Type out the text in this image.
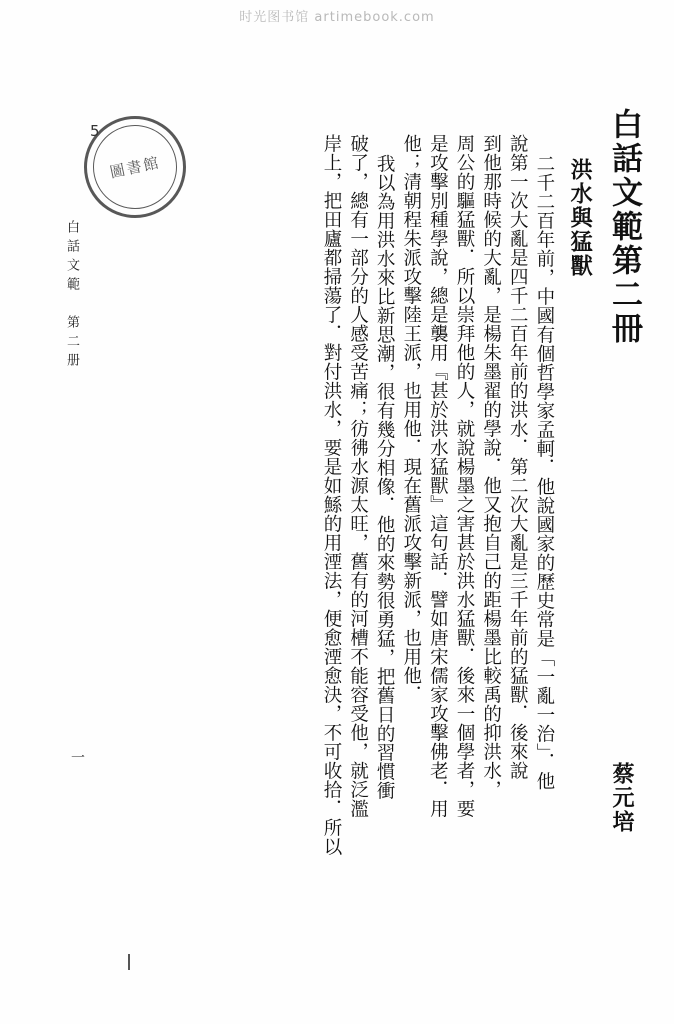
时光图书馆 artimebook.com
圖書館
5
白話文範　第二册
一
蔡元培
白話文範第二冊
洪水與猛獸
二千二百年前，中國有個哲學家孟軻．他說國家的歷史常是「一亂一治」．他
說第一次大亂是四千二百年前的洪水．第二次大亂是三千年前的猛獸．後來說
到他那時候的大亂，是楊朱墨翟的學說．他又抱自己的距楊墨比較禹的抑洪水，
周公的驅猛獸．所以崇拜他的人，就說楊墨之害甚於洪水猛獸．後來一個學者，要
是攻擊別種學說，總是襲用『甚於洪水猛獸』這句話．譬如唐宋儒家攻擊佛老．用
他；清朝程朱派攻擊陸王派，也用他．現在舊派攻擊新派，也用他．
我以為用洪水來比新思潮，很有幾分相像．他的來勢很勇猛，把舊日的習慣衝
破了，總有一部分的人感受苦痛；彷彿水源太旺，舊有的河槽不能容受他，就泛濫
岸上，把田廬都掃蕩了．對付洪水，要是如鯀的用湮法，便愈湮愈決，不可收拾．所以
